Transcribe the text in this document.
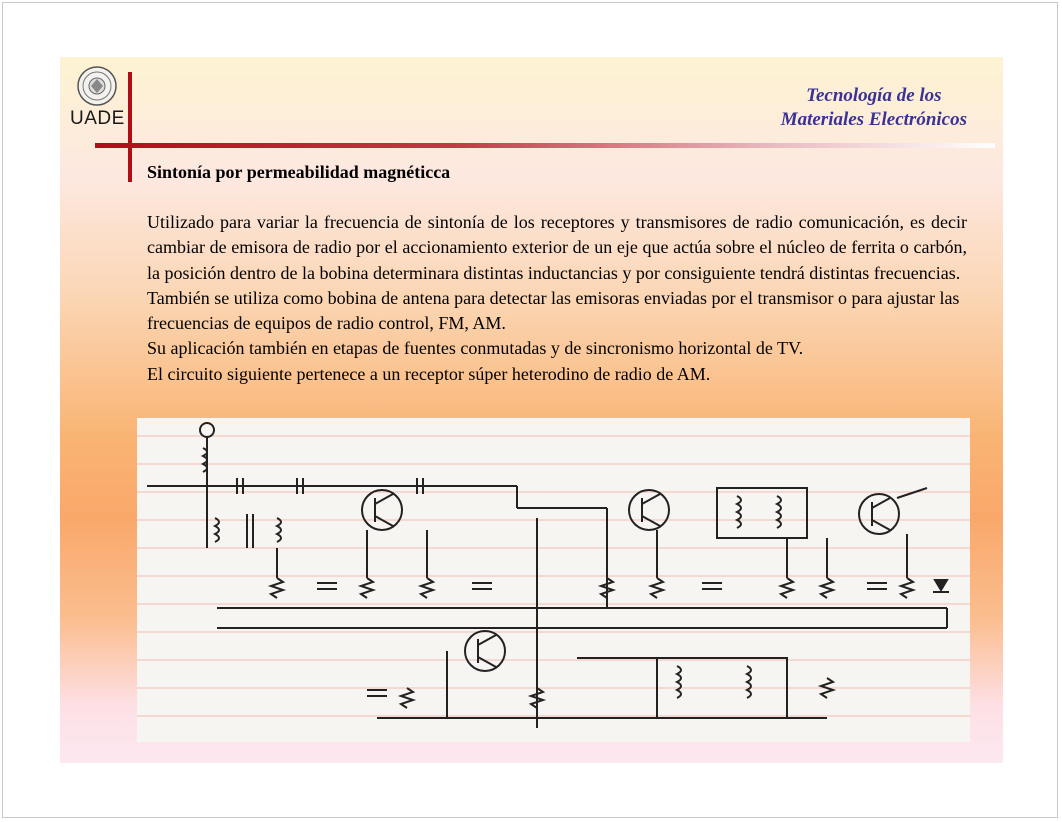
UADE
Tecnología de los
Materiales Electrónicos
Sintonía por permeabilidad magnéticca

Utilizado para variar la frecuencia de sintonía de los receptores y transmisores de radio comunicación, es decir cambiar de emisora de radio por el accionamiento exterior de un eje que actúa sobre el núcleo de ferrita o carbón, la posición dentro de la bobina determinara distintas inductancias y por consiguiente tendrá distintas frecuencias.

También se utiliza como bobina de antena para detectar las emisoras enviadas por el transmisor o para ajustar las frecuencias de equipos de radio control, FM, AM.

Su aplicación también en etapas de fuentes conmutadas y de sincronismo horizontal de TV.

El circuito siguiente pertenece a un receptor súper heterodino de radio de AM.
